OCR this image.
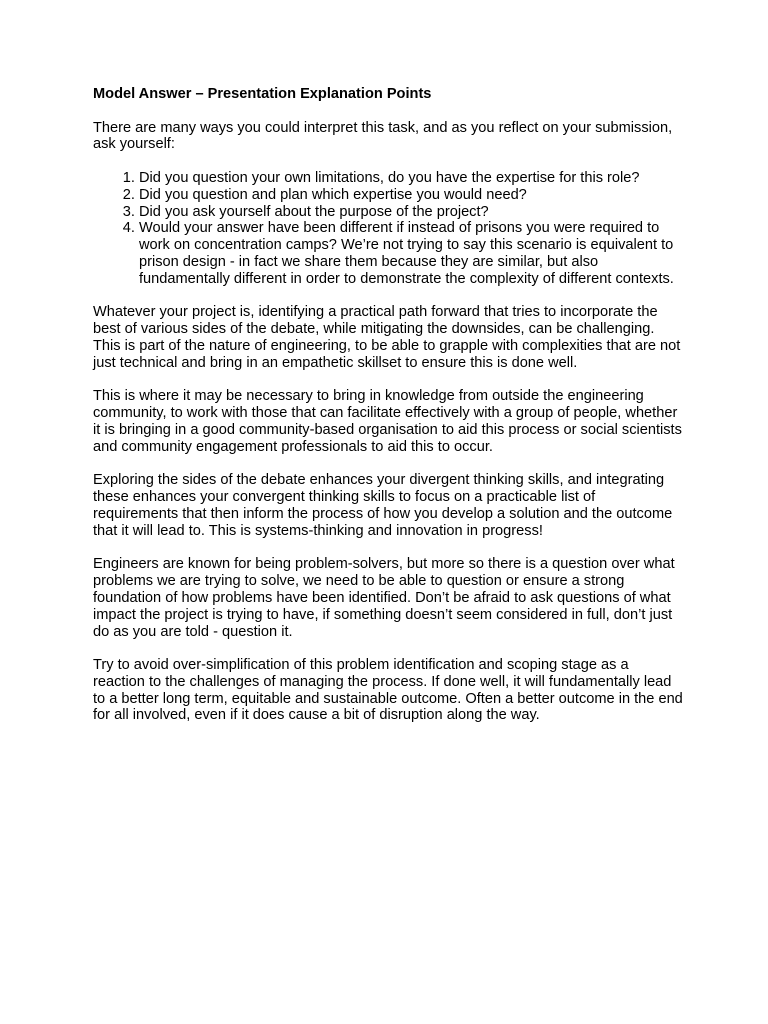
Model Answer – Presentation Explanation Points
There are many ways you could interpret this task, and as you reflect on your submission, ask yourself:
1. Did you question your own limitations, do you have the expertise for this role?
2. Did you question and plan which expertise you would need?
3. Did you ask yourself about the purpose of the project?
4. Would your answer have been different if instead of prisons you were required to work on concentration camps? We’re not trying to say this scenario is equivalent to prison design - in fact we share them because they are similar, but also fundamentally different in order to demonstrate the complexity of different contexts.

Whatever your project is, identifying a practical path forward that tries to incorporate the best of various sides of the debate, while mitigating the downsides, can be challenging. This is part of the nature of engineering, to be able to grapple with complexities that are not just technical and bring in an empathetic skillset to ensure this is done well.

This is where it may be necessary to bring in knowledge from outside the engineering community, to work with those that can facilitate effectively with a group of people, whether it is bringing in a good community-based organisation to aid this process or social scientists and community engagement professionals to aid this to occur.

Exploring the sides of the debate enhances your divergent thinking skills, and integrating these enhances your convergent thinking skills to focus on a practicable list of requirements that then inform the process of how you develop a solution and the outcome that it will lead to. This is systems-thinking and innovation in progress!

Engineers are known for being problem-solvers, but more so there is a question over what problems we are trying to solve, we need to be able to question or ensure a strong foundation of how problems have been identified. Don’t be afraid to ask questions of what impact the project is trying to have, if something doesn’t seem considered in full, don’t just do as you are told - question it.

Try to avoid over-simplification of this problem identification and scoping stage as a reaction to the challenges of managing the process. If done well, it will fundamentally lead to a better long term, equitable and sustainable outcome. Often a better outcome in the end for all involved, even if it does cause a bit of disruption along the way.
